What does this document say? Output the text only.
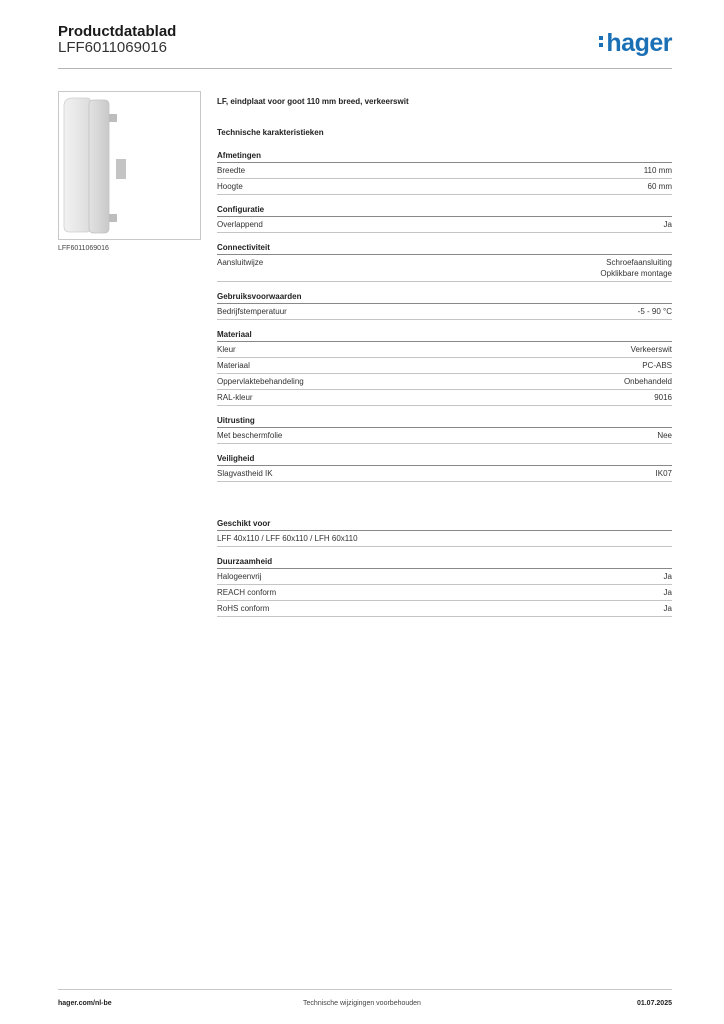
Productdatablad
LFF6011069016	hager
LFF6011069016
LF, eindplaat voor goot 110 mm breed, verkeerswit
Technische karakteristieken
Afmetingen
Breedte	110 mm
Hoogte	60 mm
Configuratie
Overlappend	Ja
Connectiviteit
Aansluitwijze	Schroefaansluiting
Opklikbare montage
Gebruiksvoorwaarden
Bedrijfstemperatuur	-5 - 90 °C
Materiaal
Kleur	Verkeerswit
Materiaal	PC-ABS
Oppervlaktebehandeling	Onbehandeld
RAL-kleur	9016
Uitrusting
Met beschermfolie	Nee
Veiligheid
Slagvastheid IK	IK07
Geschikt voor
LFF 40x110 / LFF 60x110 / LFH 60x110
Duurzaamheid
Halogeenvrij	Ja
REACH conform	Ja
RoHS conform	Ja
hager.com/nl-be	Technische wijzigingen voorbehouden	01.07.2025
